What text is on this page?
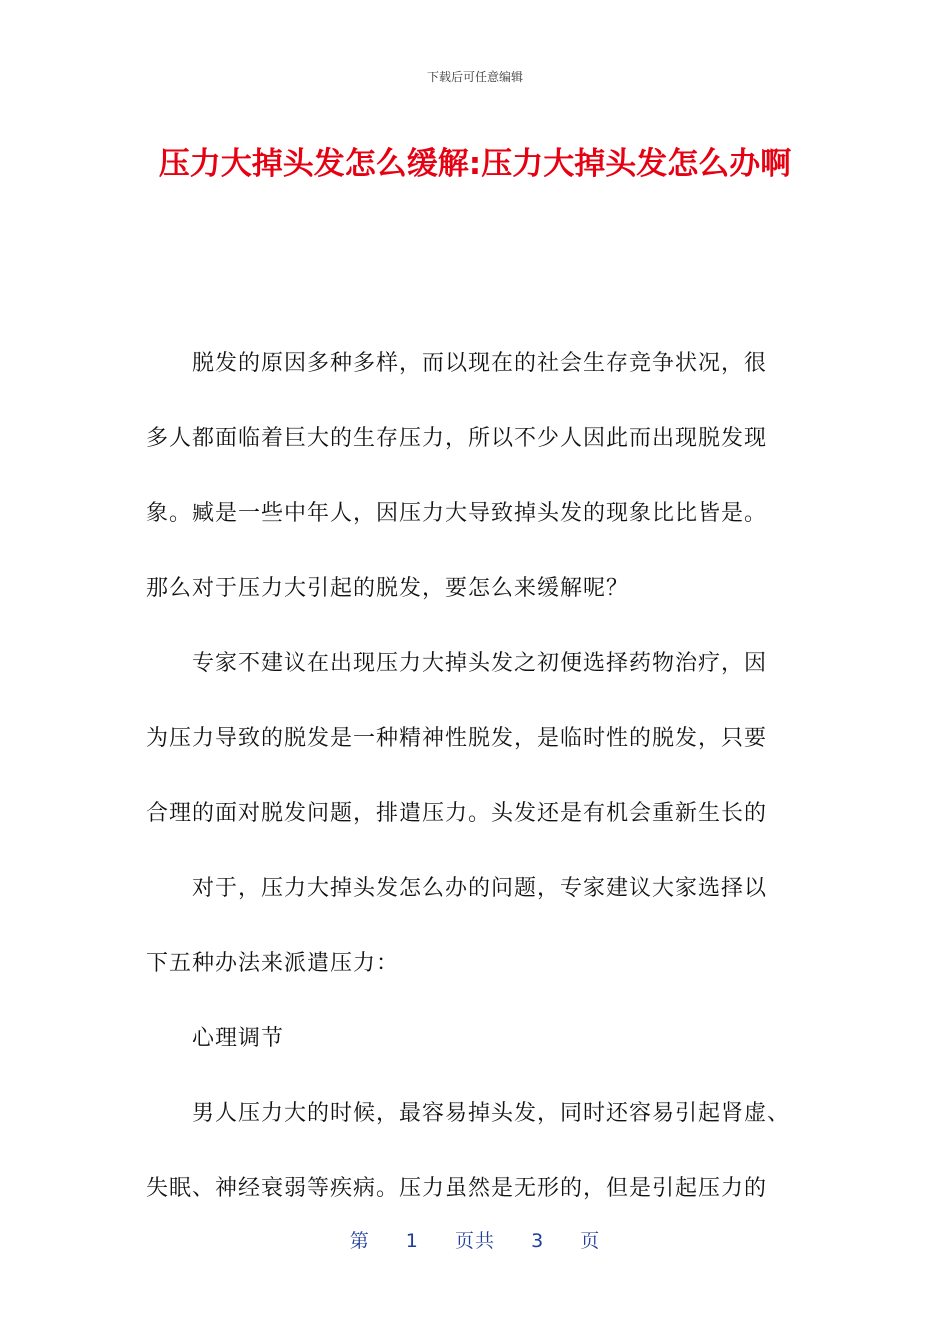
下载后可任意编辑
压力大掉头发怎么缓解:压力大掉头发怎么办啊
脱发的原因多种多样，而以现在的社会生存竞争状况，很
多人都面临着巨大的生存压力，所以不少人因此而出现脱发现
象。臧是一些中年人，因压力大导致掉头发的现象比比皆是。
那么对于压力大引起的脱发，要怎么来缓解呢？
专家不建议在出现压力大掉头发之初便选择药物治疗，因
为压力导致的脱发是一种精神性脱发，是临时性的脱发，只要
合理的面对脱发问题，排遣压力。头发还是有机会重新生长的
对于，压力大掉头发怎么办的问题，专家建议大家选择以
下五种办法来派遣压力：
心理调节
男人压力大的时候，最容易掉头发，同时还容易引起肾虚、
失眠、神经衰弱等疾病。压力虽然是无形的，但是引起压力的
第 1 页共 3 页
